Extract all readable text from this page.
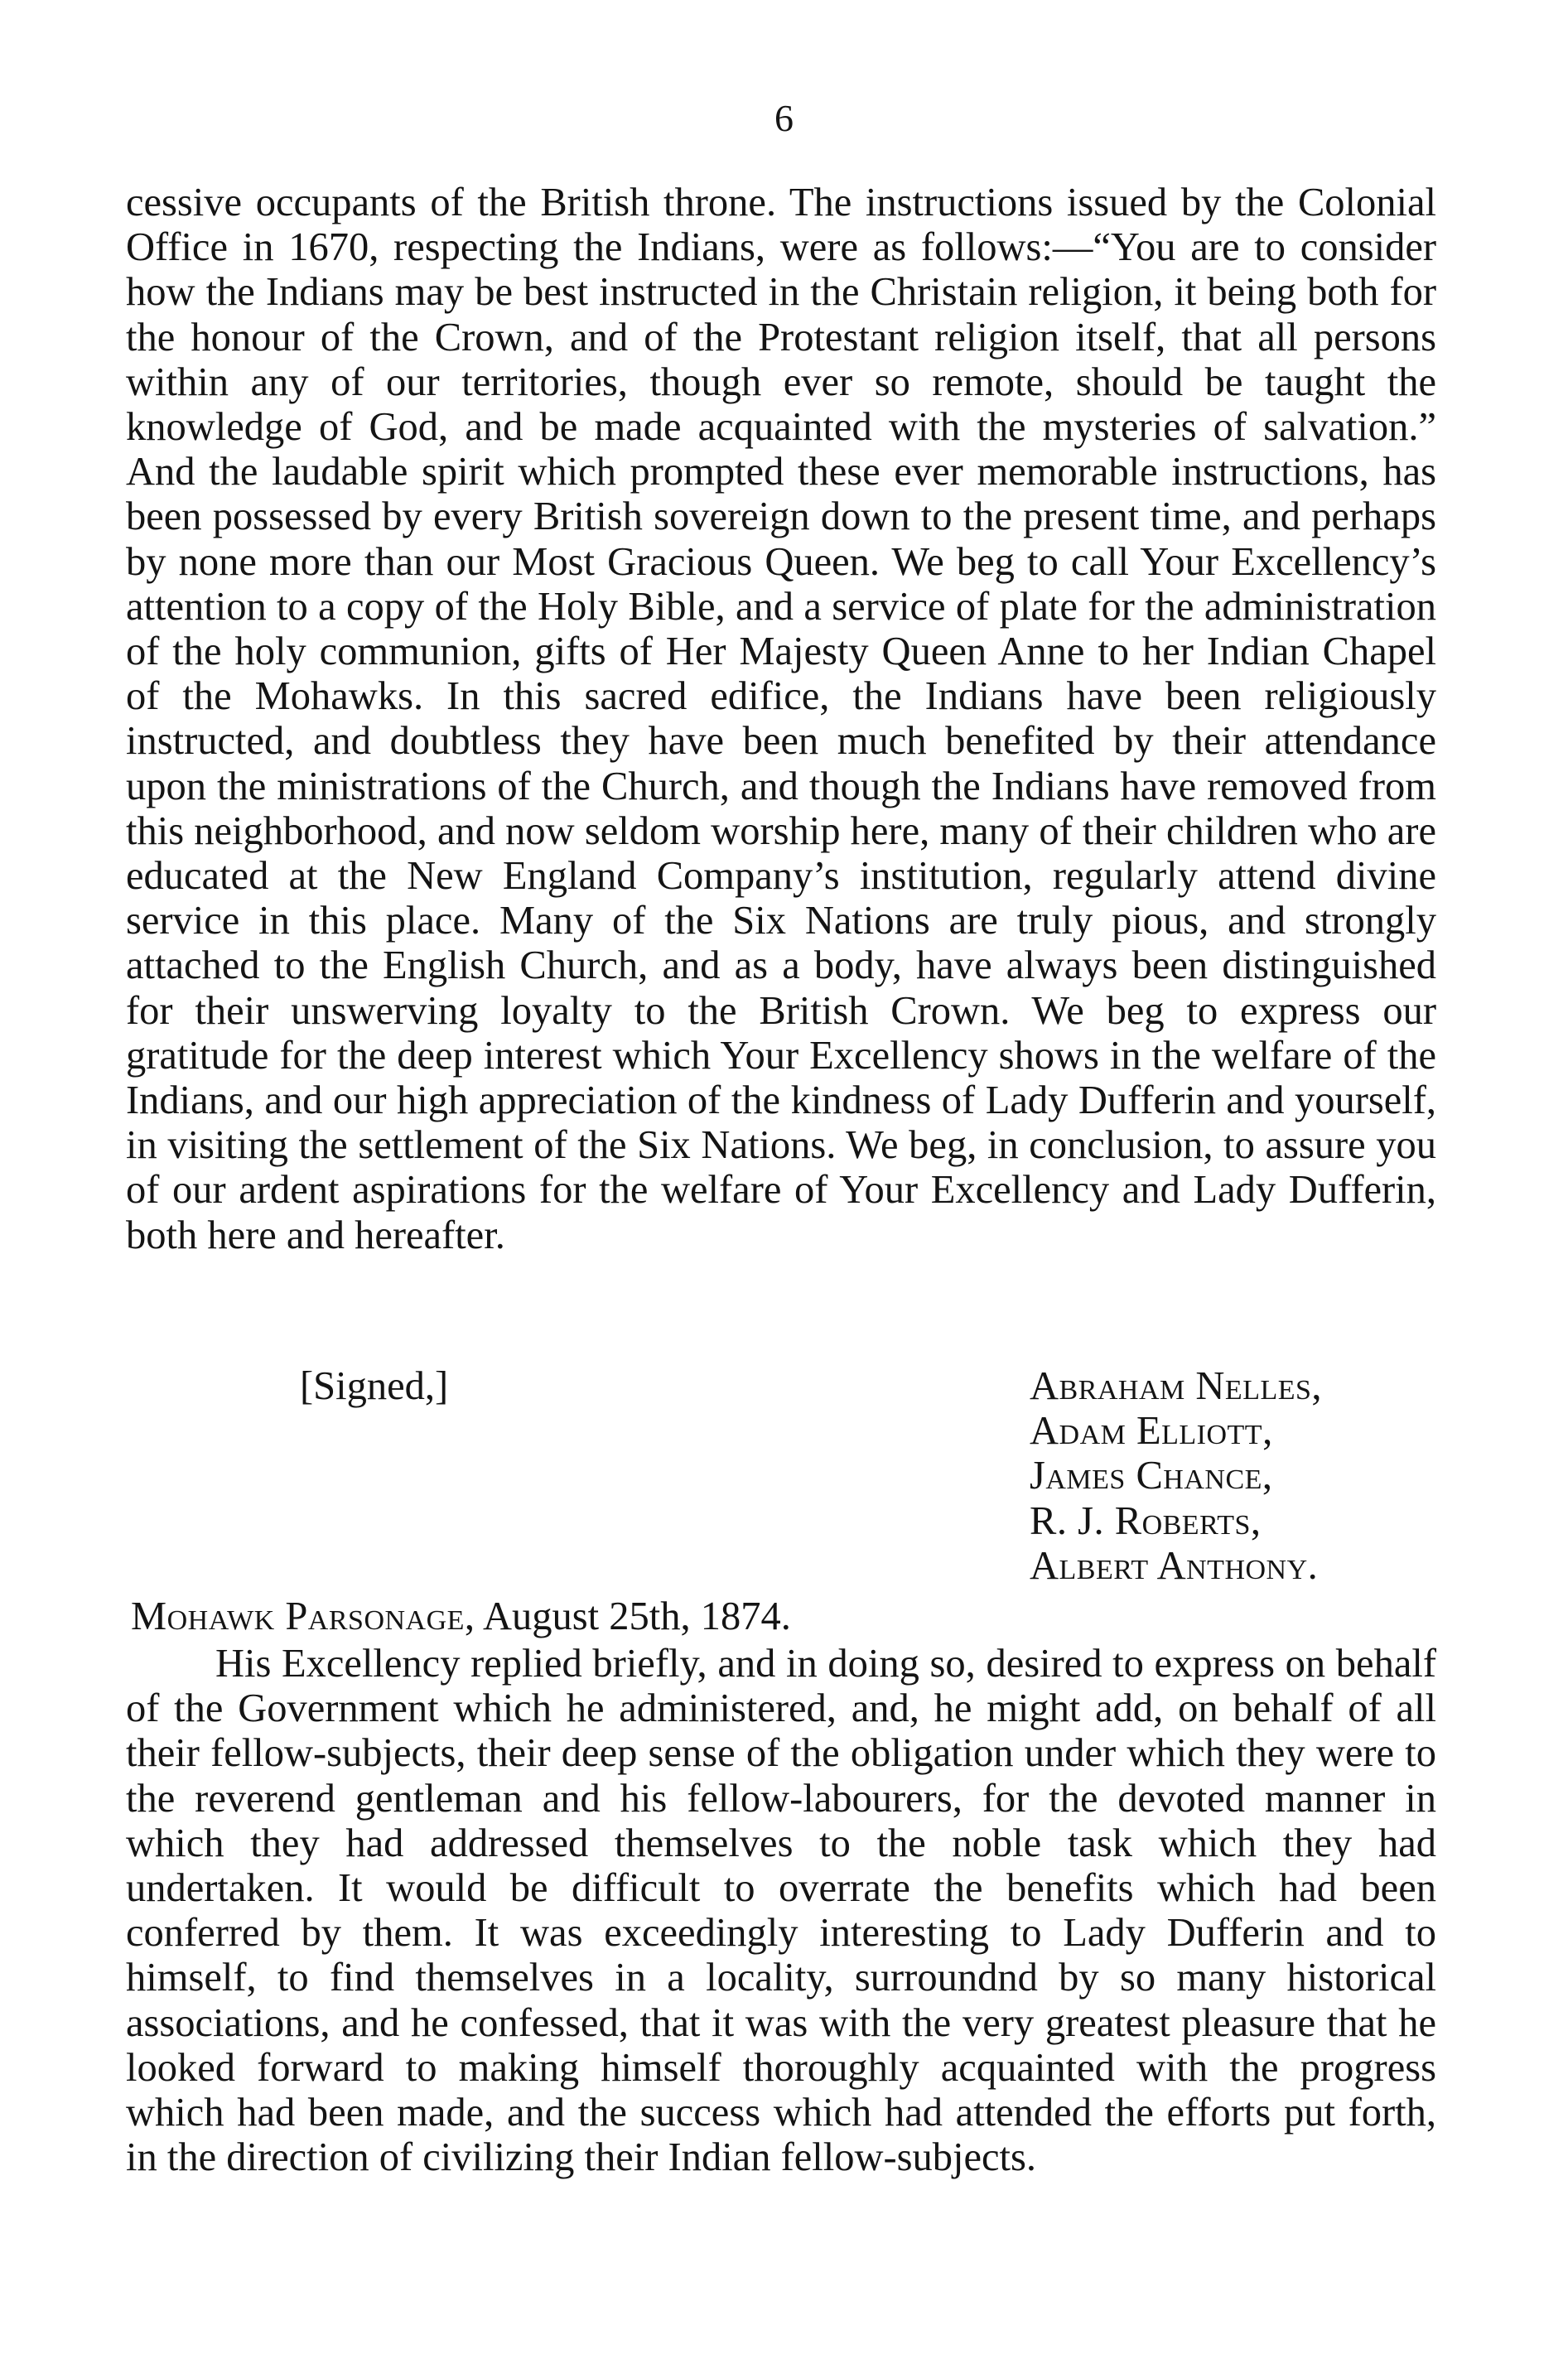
6

cessive occupants of the British throne. The instructions issued by the Colonial Office in 1670, respecting the Indians, were as follows:—“You are to consider how the Indians may be best instructed in the Christain religion, it being both for the honour of the Crown, and of the Protestant religion itself, that all persons within any of our territories, though ever so remote, should be taught the knowledge of God, and be made acquainted with the mysteries of salvation.” And the laudable spirit which prompted these ever memorable instructions, has been possessed by every British sovereign down to the present time, and perhaps by none more than our Most Gracious Queen. We beg to call Your Excellency’s attention to a copy of the Holy Bible, and a service of plate for the administration of the holy communion, gifts of Her Majesty Queen Anne to her Indian Chapel of the Mohawks. In this sacred edifice, the Indians have been religiously instructed, and doubtless they have been much benefited by their attendance upon the ministrations of the Church, and though the Indians have removed from this neighborhood, and now seldom worship here, many of their children who are educated at the New England Company’s institution, regularly attend divine service in this place. Many of the Six Nations are truly pious, and strongly attached to the English Church, and as a body, have always been distinguished for their unswerving loyalty to the British Crown. We beg to express our gratitude for the deep interest which Your Excellency shows in the welfare of the Indians, and our high appreciation of the kindness of Lady Dufferin and yourself, in visiting the settlement of the Six Nations. We beg, in conclusion, to assure you of our ardent aspirations for the welfare of Your Excellency and Lady Dufferin, both here and hereafter.

[Signed,]	Abraham Nelles,
Adam Elliott,
James Chance,
R. J. Roberts,
Albert Anthony.
Mohawk Parsonage, August 25th, 1874.

His Excellency replied briefly, and in doing so, desired to express on behalf of the Government which he administered, and, he might add, on behalf of all their fellow-subjects, their deep sense of the obligation under which they were to the reverend gentleman and his fellow-labourers, for the devoted manner in which they had addressed themselves to the noble task which they had undertaken. It would be difficult to overrate the benefits which had been conferred by them. It was exceedingly interesting to Lady Dufferin and to himself, to find themselves in a locality, surroundnd by so many historical associations, and he confessed, that it was with the very greatest pleasure that he looked forward to making himself thoroughly acquainted with the progress which had been made, and the success which had attended the efforts put forth, in the direction of civilizing their Indian fellow-subjects.
